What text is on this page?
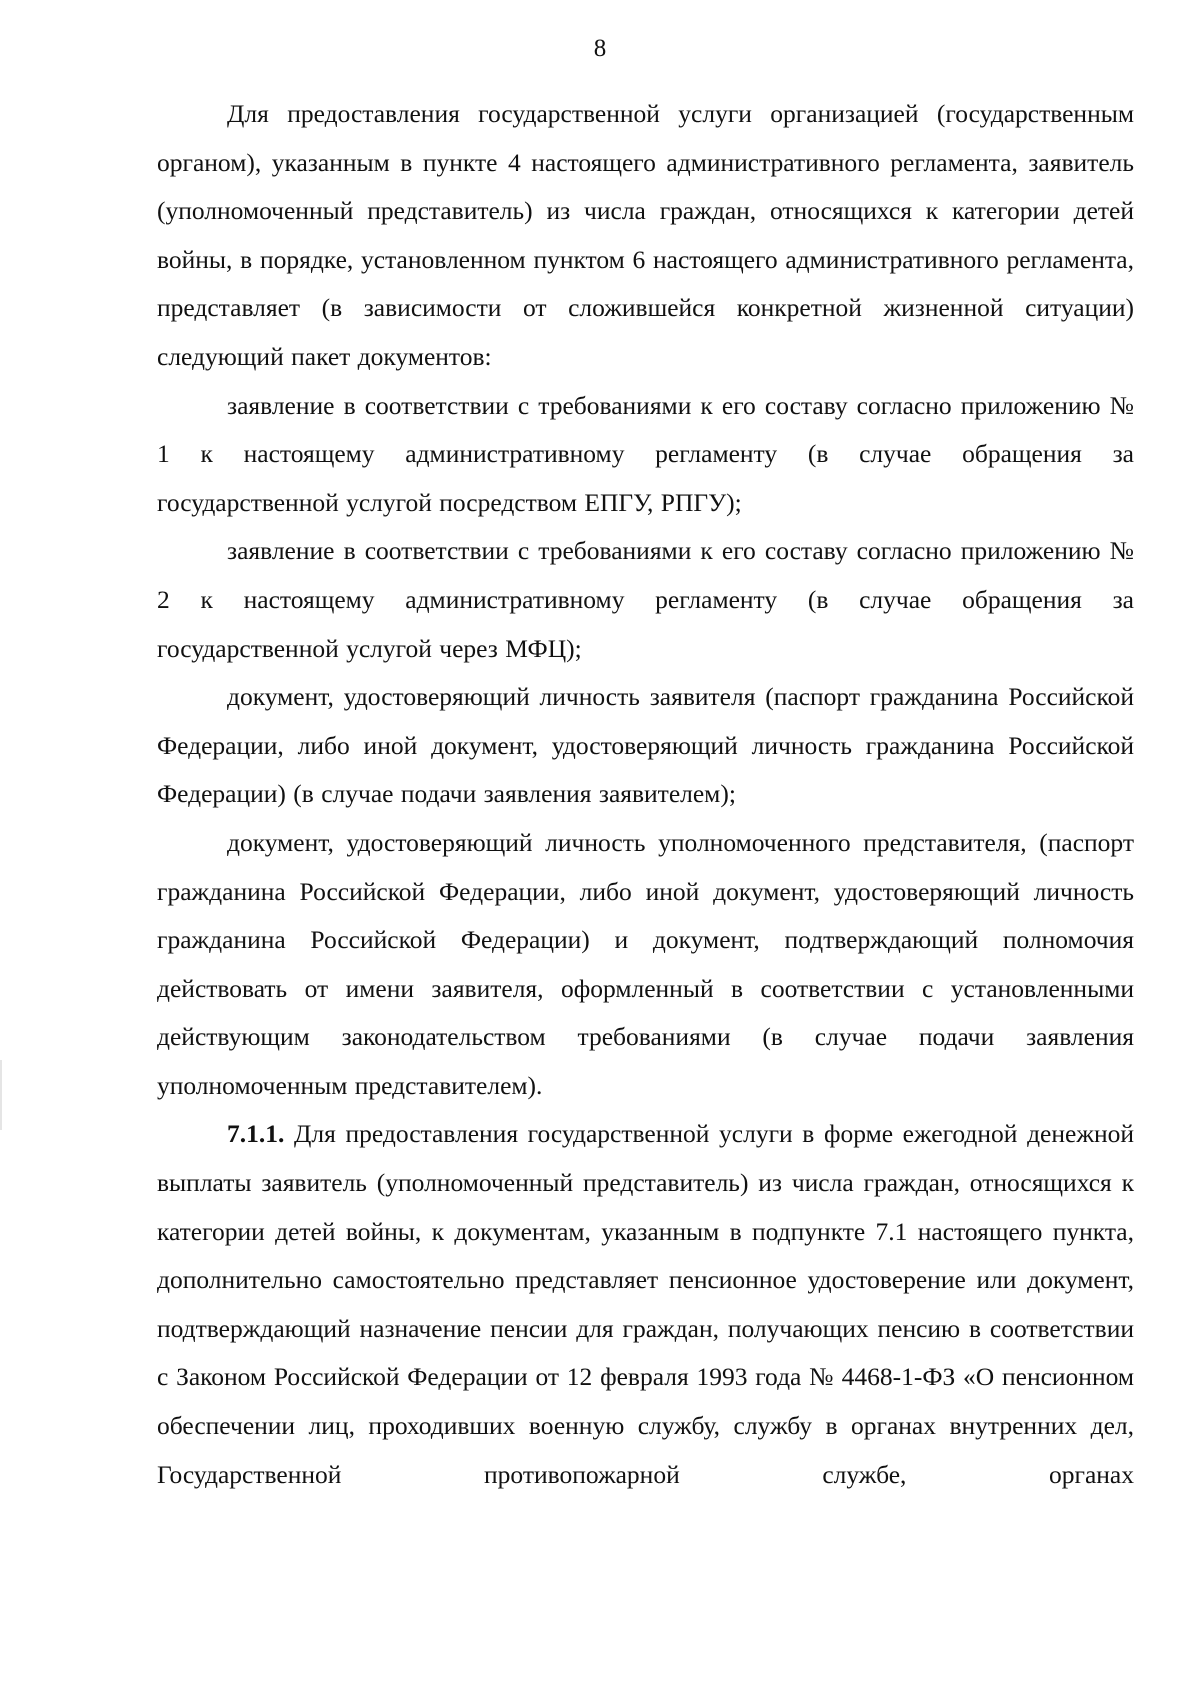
8

Для предоставления государственной услуги организацией (государственным органом), указанным в пункте 4 настоящего административного регламента, заявитель (уполномоченный представитель) из числа граждан, относящихся к категории детей войны, в порядке, установленном пунктом 6 настоящего административного регламента, представляет (в зависимости от сложившейся конкретной жизненной ситуации) следующий пакет документов:

заявление в соответствии с требованиями к его составу согласно приложению № 1 к настоящему административному регламенту (в случае обращения за государственной услугой посредством ЕПГУ, РПГУ);

заявление в соответствии с требованиями к его составу согласно приложению № 2 к настоящему административному регламенту (в случае обращения за государственной услугой через МФЦ);

документ, удостоверяющий личность заявителя (паспорт гражданина Российской Федерации, либо иной документ, удостоверяющий личность гражданина Российской Федерации) (в случае подачи заявления заявителем);

документ, удостоверяющий личность уполномоченного представителя, (паспорт гражданина Российской Федерации, либо иной документ, удостоверяющий личность гражданина Российской Федерации) и документ, подтверждающий полномочия действовать от имени заявителя, оформленный в соответствии с установленными действующим законодательством требованиями (в случае подачи заявления уполномоченным представителем).

7.1.1. Для предоставления государственной услуги в форме ежегодной денежной выплаты заявитель (уполномоченный представитель) из числа граждан, относящихся к категории детей войны, к документам, указанным в подпункте 7.1 настоящего пункта, дополнительно самостоятельно представляет пенсионное удостоверение или документ, подтверждающий назначение пенсии для граждан, получающих пенсию в соответствии с Законом Российской Федерации от 12 февраля 1993 года № 4468-1-ФЗ «О пенсионном обеспечении лиц, проходивших военную службу, службу в органах внутренних дел, Государственной противопожарной службе, органах
